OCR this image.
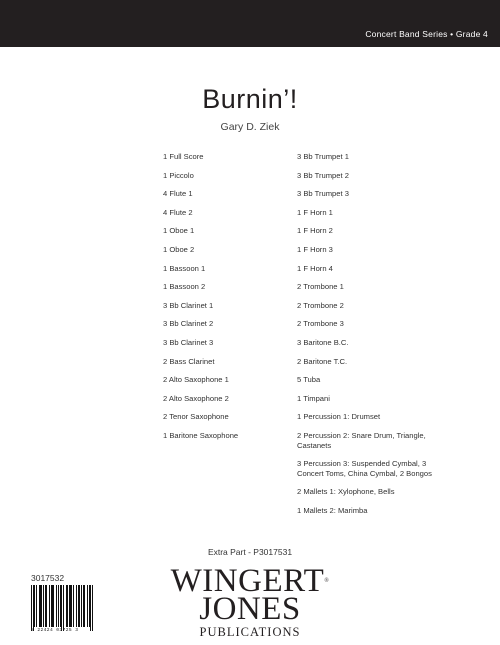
Concert Band Series • Grade 4
Burnin’!
Gary D. Ziek
1 Full Score
1 Piccolo
4 Flute 1
4 Flute 2
1 Oboe 1
1 Oboe 2
1 Bassoon 1
1 Bassoon 2
3 Bb Clarinet 1
3 Bb Clarinet 2
3 Bb Clarinet 3
2 Bass Clarinet
2 Alto Saxophone 1
2 Alto Saxophone 2
2 Tenor Saxophone
1 Baritone Saxophone
3 Bb Trumpet 1
3 Bb Trumpet 2
3 Bb Trumpet 3
1 F Horn 1
1 F Horn 2
1 F Horn 3
1 F Horn 4
2 Trombone 1
2 Trombone 2
2 Trombone 3
3 Baritone B.C.
2 Baritone T.C.
5 Tuba
1 Timpani
1 Percussion 1: Drumset
2 Percussion 2: Snare Drum, Triangle,
Castanets
3 Percussion 3: Suspended Cymbal, 3
Concert Toms, China Cymbal, 2 Bongos
2 Mallets 1: Xylophone, Bells
1 Mallets 2: Marimba
Extra Part - P3017531
3017532
8 22424 03725 3
WINGERT®
JONES
PUBLICATIONS
